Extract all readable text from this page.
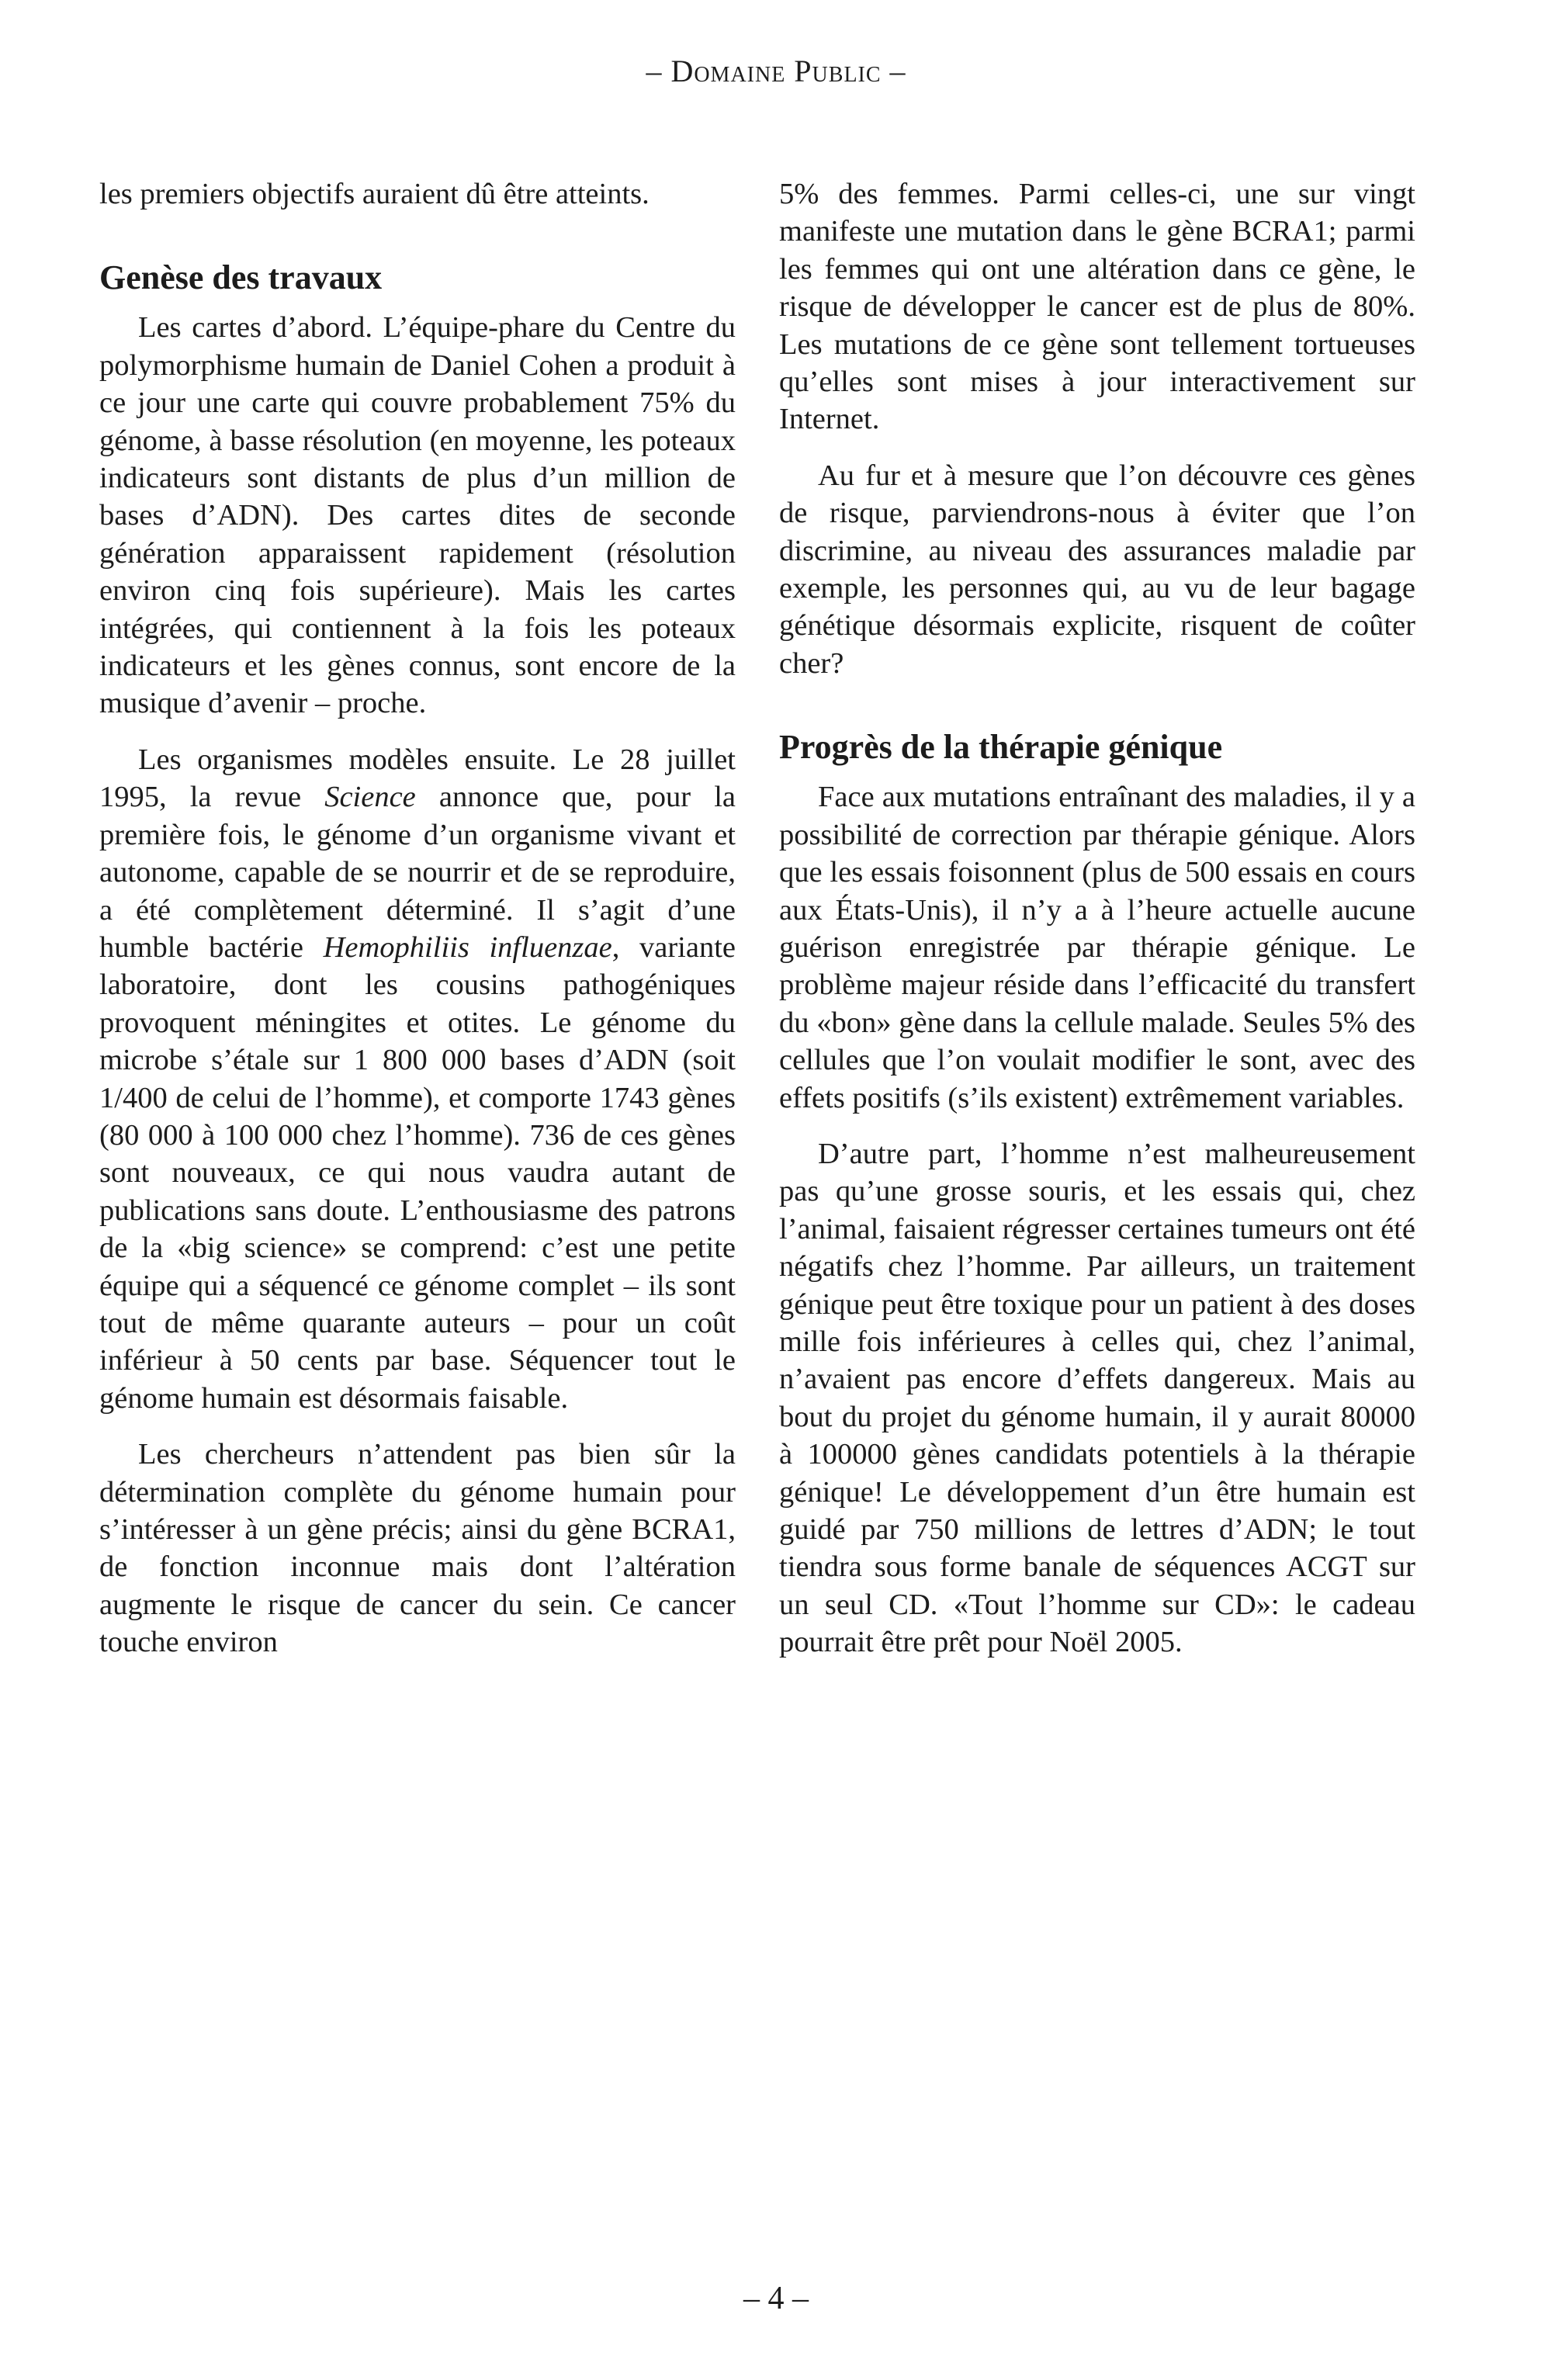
– Domaine Public –

les premiers objectifs auraient dû être atteints.

Genèse des travaux

Les cartes d’abord. L’équipe-phare du Centre du polymorphisme humain de Daniel Cohen a produit à ce jour une carte qui couvre probablement 75% du génome, à basse résolution (en moyenne, les poteaux indicateurs sont distants de plus d’un million de bases d’ADN). Des cartes dites de seconde génération apparaissent rapidement (résolution environ cinq fois supérieure). Mais les cartes intégrées, qui contiennent à la fois les poteaux indicateurs et les gènes connus, sont encore de la musique d’avenir – proche.

Les organismes modèles ensuite. Le 28 juillet 1995, la revue Science annonce que, pour la première fois, le génome d’un organisme vivant et autonome, capable de se nourrir et de se reproduire, a été complètement déterminé. Il s’agit d’une humble bactérie Hemophiliis influenzae, variante laboratoire, dont les cousins pathogéniques provoquent méningites et otites. Le génome du microbe s’étale sur 1 800 000 bases d’ADN (soit 1/400 de celui de l’homme), et comporte 1743 gènes (80 000 à 100 000 chez l’homme). 736 de ces gènes sont nouveaux, ce qui nous vaudra autant de publications sans doute. L’enthousiasme des patrons de la «big science» se comprend: c’est une petite équipe qui a séquencé ce génome complet – ils sont tout de même quarante auteurs – pour un coût inférieur à 50 cents par base. Séquencer tout le génome humain est désormais faisable.

Les chercheurs n’attendent pas bien sûr la détermination complète du génome humain pour s’intéresser à un gène précis; ainsi du gène BCRA1, de fonction inconnue mais dont l’altération augmente le risque de cancer du sein. Ce cancer touche environ

5% des femmes. Parmi celles-ci, une sur vingt manifeste une mutation dans le gène BCRA1; parmi les femmes qui ont une altération dans ce gène, le risque de développer le cancer est de plus de 80%. Les mutations de ce gène sont tellement tortueuses qu’elles sont mises à jour interactivement sur Internet.

Au fur et à mesure que l’on découvre ces gènes de risque, parviendrons-nous à éviter que l’on discrimine, au niveau des assurances maladie par exemple, les personnes qui, au vu de leur bagage génétique désormais explicite, risquent de coûter cher?

Progrès de la thérapie génique

Face aux mutations entraînant des maladies, il y a possibilité de correction par thérapie génique. Alors que les essais foisonnent (plus de 500 essais en cours aux États-Unis), il n’y a à l’heure actuelle aucune guérison enregistrée par thérapie génique. Le problème majeur réside dans l’efficacité du transfert du «bon» gène dans la cellule malade. Seules 5% des cellules que l’on voulait modifier le sont, avec des effets positifs (s’ils existent) extrêmement variables.

D’autre part, l’homme n’est malheureusement pas qu’une grosse souris, et les essais qui, chez l’animal, faisaient régresser certaines tumeurs ont été négatifs chez l’homme. Par ailleurs, un traitement génique peut être toxique pour un patient à des doses mille fois inférieures à celles qui, chez l’animal, n’avaient pas encore d’effets dangereux. Mais au bout du projet du génome humain, il y aurait 80000 à 100000 gènes candidats potentiels à la thérapie génique! Le développement d’un être humain est guidé par 750 millions de lettres d’ADN; le tout tiendra sous forme banale de séquences ACGT sur un seul CD. «Tout l’homme sur CD»: le cadeau pourrait être prêt pour Noël 2005.

– 4 –
